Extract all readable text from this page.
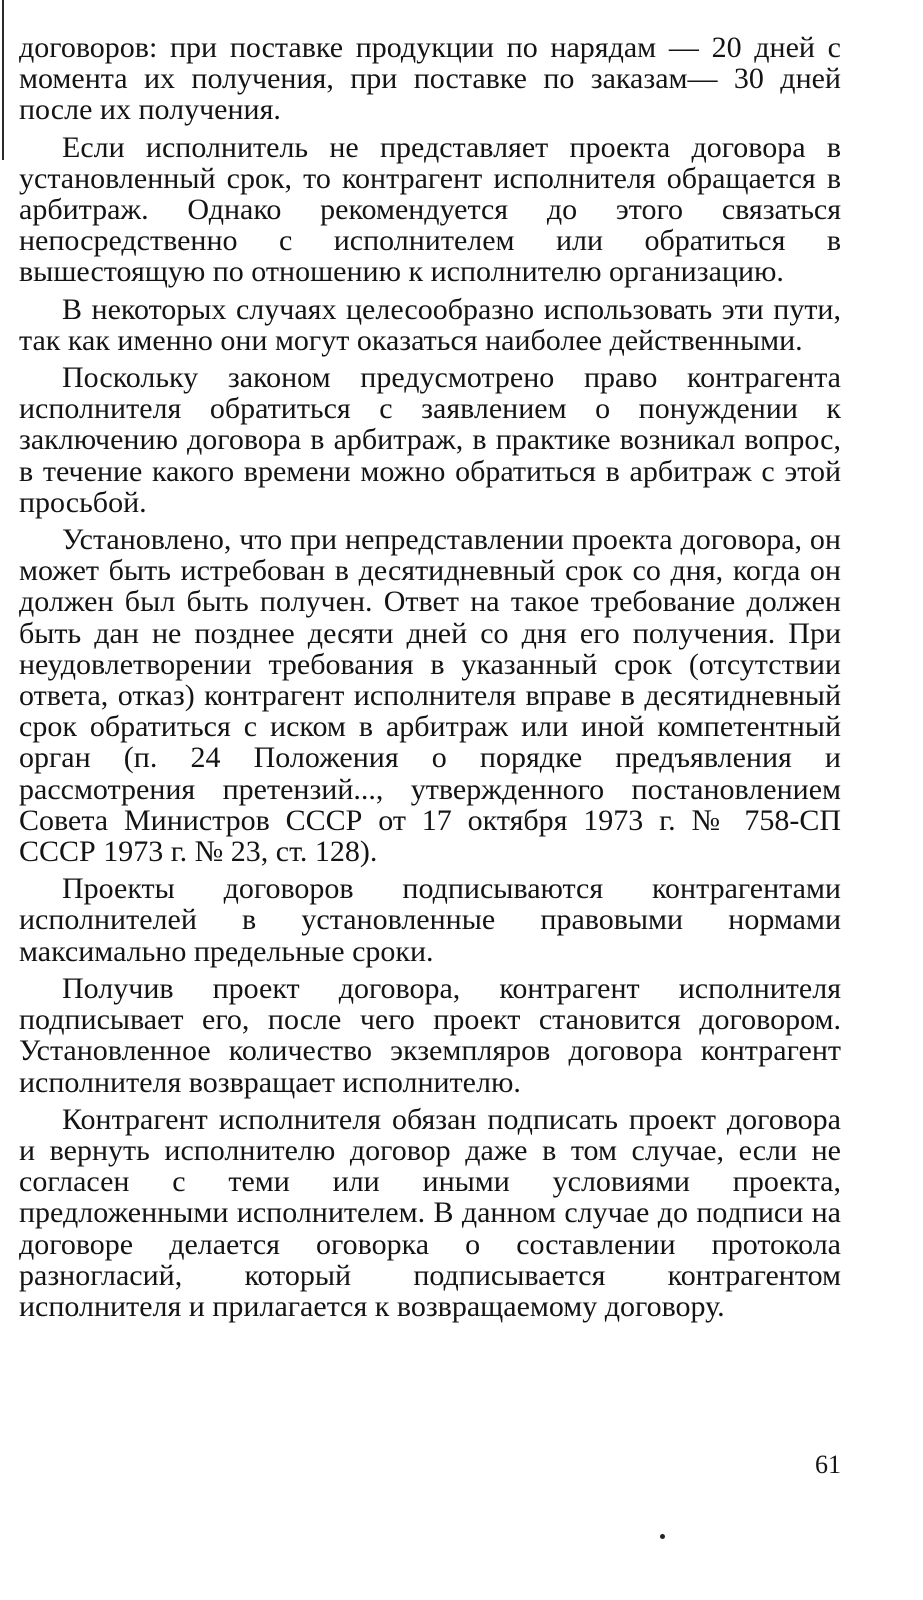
договоров: при поставке продукции по нарядам — 20 дней с момента их получения, при поставке по заказам— 30 дней после их получения.

Если исполнитель не представляет проекта договора в установленный срок, то контрагент исполнителя обращается в арбитраж. Однако рекомендуется до этого связаться непосредственно с исполнителем или обратиться в вышестоящую по отношению к исполнителю организацию.

В некоторых случаях целесообразно использовать эти пути, так как именно они могут оказаться наиболее действенными.

Поскольку законом предусмотрено право контрагента исполнителя обратиться с заявлением о понуждении к заключению договора в арбитраж, в практике возникал вопрос, в течение какого времени можно обратиться в арбитраж с этой просьбой.

Установлено, что при непредставлении проекта договора, он может быть истребован в десятидневный срок со дня, когда он должен был быть получен. Ответ на такое требование должен быть дан не позднее десяти дней со дня его получения. При неудовлетворении требования в указанный срок (отсутствии ответа, отказ) контрагент исполнителя вправе в десятидневный срок обратиться с иском в арбитраж или иной компетентный орган (п. 24 Положения о порядке предъявления и рассмотрения претензий..., утвержденного постановлением Совета Министров СССР от 17 октября 1973 г. № 758-СП СССР 1973 г. № 23, ст. 128).

Проекты договоров подписываются контрагентами исполнителей в установленные правовыми нормами максимально предельные сроки.

Получив проект договора, контрагент исполнителя подписывает его, после чего проект становится договором. Установленное количество экземпляров договора контрагент исполнителя возвращает исполнителю.

Контрагент исполнителя обязан подписать проект договора и вернуть исполнителю договор даже в том случае, если не согласен с теми или иными условиями проекта, предложенными исполнителем. В данном случае до подписи на договоре делается оговорка о составлении протокола разногласий, который подписывается контрагентом исполнителя и прилагается к возвращаемому договору.

61
